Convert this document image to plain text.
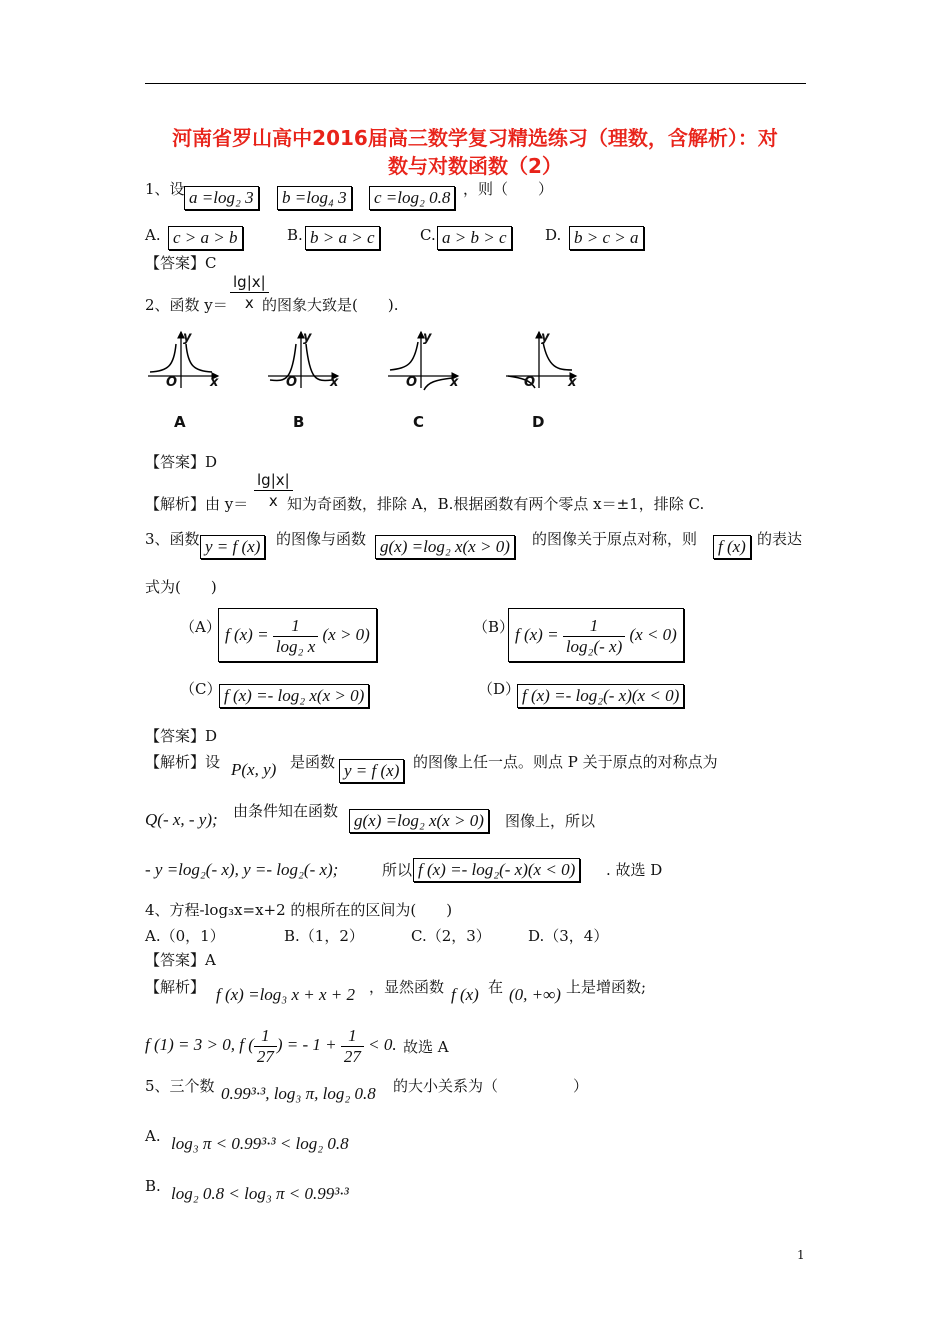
河南省罗山高中2016届高三数学复习精选练习（理数，含解析）：对
数与对数函数（2）
1、设 a =log₂ 3 b =log₄ 3 c =log₂ 0.8 ，则（　　）
A. c > a > b	B. b > a > c	C. a > b > c	D. b > c > a
【答案】C
2、函数 $y= \frac{\lg|x|}{x}$
的图象大致是(　　).
y
x
O
y
x
O
y
x
O
y
x
O
A	B	C	D
【答案】D
【解析】由 $y= \frac{\lg|x|}{x}$
知为奇函数，排除 A，B.根据函数有两个零点 x＝±1，排除 C.
3、函数 y = f (x)	的图像与函数 g(x) =log₂ x(x > 0)	的图像关于原点对称，则 f (x) 的表达
式为(　　)
（A） f $(x) = \frac{1}{\text{log₂ x}} (x > 0)$	（B） f $(x) = \frac{1}{\text{log₂(- x)}} (x < 0)$
（C） f (x) =- log₂ x(x > 0)	（D） f (x) =- log₂(- x)(x < 0)
【答案】D
【解析】设 P(x, y) 是函数 y = f (x) 的图像上任一点。则点 P 关于原点的对称点为
Q(- x, - y); 由条件知在函数 g(x) =log₂ x(x > 0)	图像上，所以
- y =log₂(- x), y =- log₂(- x);	所以 f (x) =- log₂(- x)(x < 0)	. 故选 D
4、方程-log₃x=x+2 的根所在的区间为(　　)
A.（0，1）	B.（1，2）	C.（2，3） D.（3，4）
【答案】A
【解析】 f (x) =log₃ x + x + 2 ，显然函数 f (x) 在 (0, +∞) 上是增函数;
f (1) = 3 > 0, f ( $\frac{1}{27}$ ) = - $1 + \frac{1}{27} < 0$. 故选 A
5、三个数 0.99³·³, log₃ π, log₂ 0.8 的大小关系为（　　　　　）
A. log₃ π < 0.99³·³ < log₂ 0.8
B. log₂ 0.8 < log₃ π < 0.99³·³
1
